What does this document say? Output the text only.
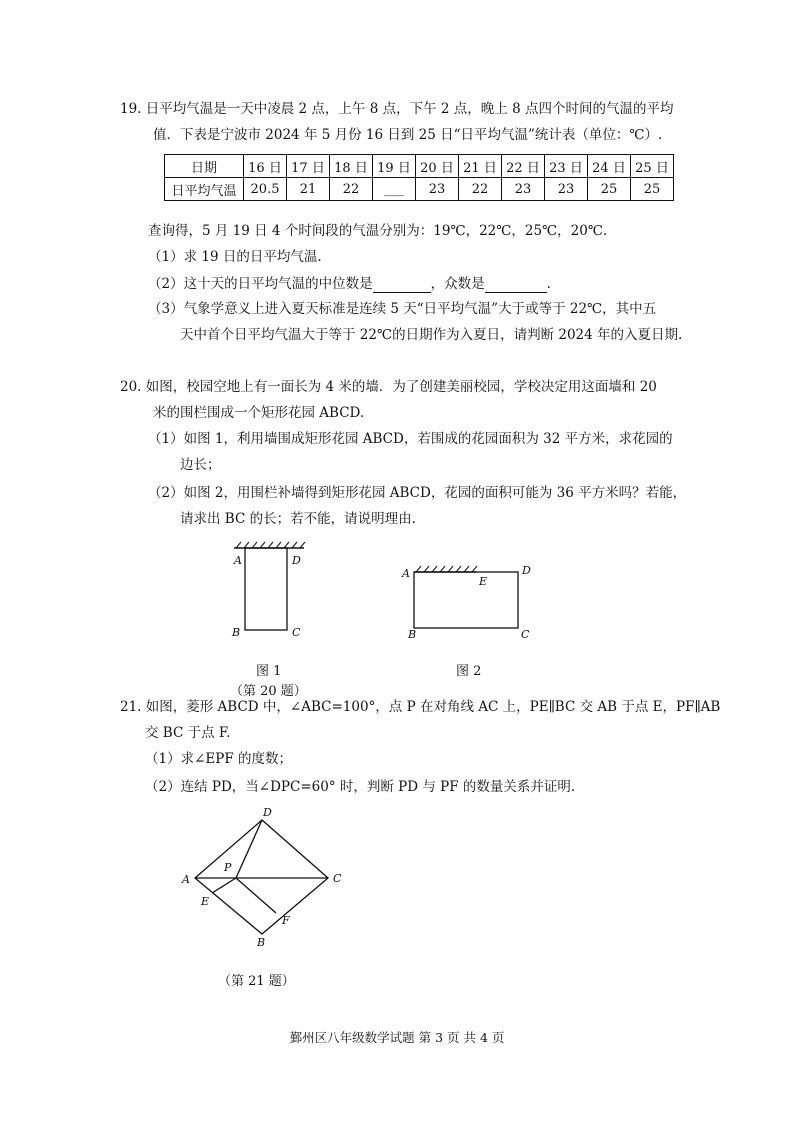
19. 日平均气温是一天中凌晨 2 点，上午 8 点，下午 2 点，晚上 8 点四个时间的气温的平均
值．下表是宁波市 2024 年 5 月份 16 日到 25 日“日平均气温”统计表（单位：℃）.
日期	16 日	17 日	18 日	19 日	20 日	21 日	22 日	23 日	24 日	25 日
日平均气温	20.5	21	22	___	23	22	23	23	25	25
查询得，5 月 19 日 4 个时间段的气温分别为：19℃，22℃，25℃，20℃.
（1）求 19 日的日平均气温.
（2）这十天的日平均气温的中位数是	，众数是	.
（3）气象学意义上进入夏天标准是连续 5 天“日平均气温”大于或等于 22℃，其中五
天中首个日平均气温大于等于 22℃的日期作为入夏日，请判断 2024 年的入夏日期.
20. 如图，校园空地上有一面长为 4 米的墙．为了创建美丽校园，学校决定用这面墙和 20
米的围栏围成一个矩形花园 ABCD.
（1）如图 1，利用墙围成矩形花园 ABCD，若围成的花园面积为 32 平方米，求花园的
边长；
（2）如图 2，用围栏补墙得到矩形花园 ABCD，花园的面积可能为 36 平方米吗？若能，
请求出 BC 的长；若不能，请说明理由.
A	D
B	C
图 1
A	D
E
B	C
图 2
（第 20 题）
21. 如图，菱形 ABCD 中，∠ABC=100°，点 P 在对角线 AC 上，PE∥BC 交 AB 于点 E，PF∥AB
交 BC 于点 F.
（1）求∠EPF 的度数；
（2）连结 PD，当∠DPC=60° 时，判断 PD 与 PF 的数量关系并证明.
D
P
A	C
E
F
B
（第 21 题）
鄞州区八年级数学试题 第 3 页 共 4 页
